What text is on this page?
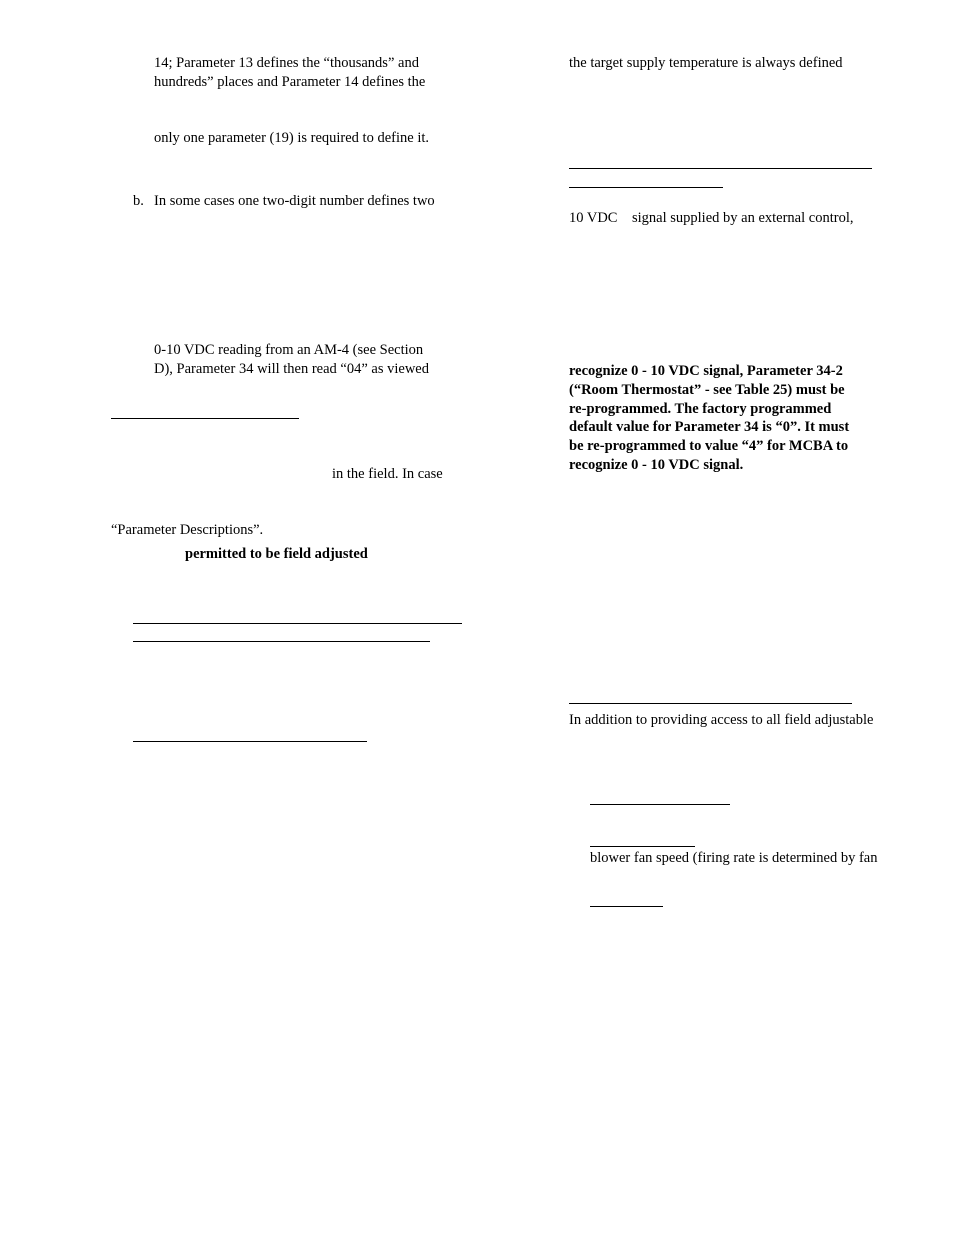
14; Parameter 13 defines the “thousands” and
hundreds” places and Parameter 14 defines the
only one parameter (19) is required to define it.
b. In some cases one two-digit number defines two
0-10 VDC reading from an AM-4 (see Section
D), Parameter 34 will then read “04” as viewed
in the field. In case
“Parameter Descriptions”.
permitted to be field adjusted
the target supply temperature is always defined
10 VDC signal supplied by an external control,
recognize 0 - 10 VDC signal, Parameter 34-2
(“Room Thermostat” - see Table 25) must be
re-programmed. The factory programmed
default value for Parameter 34 is “0”. It must
be re-programmed to value “4” for MCBA to
recognize 0 - 10 VDC signal.
In addition to providing access to all field adjustable
blower fan speed (firing rate is determined by fan
